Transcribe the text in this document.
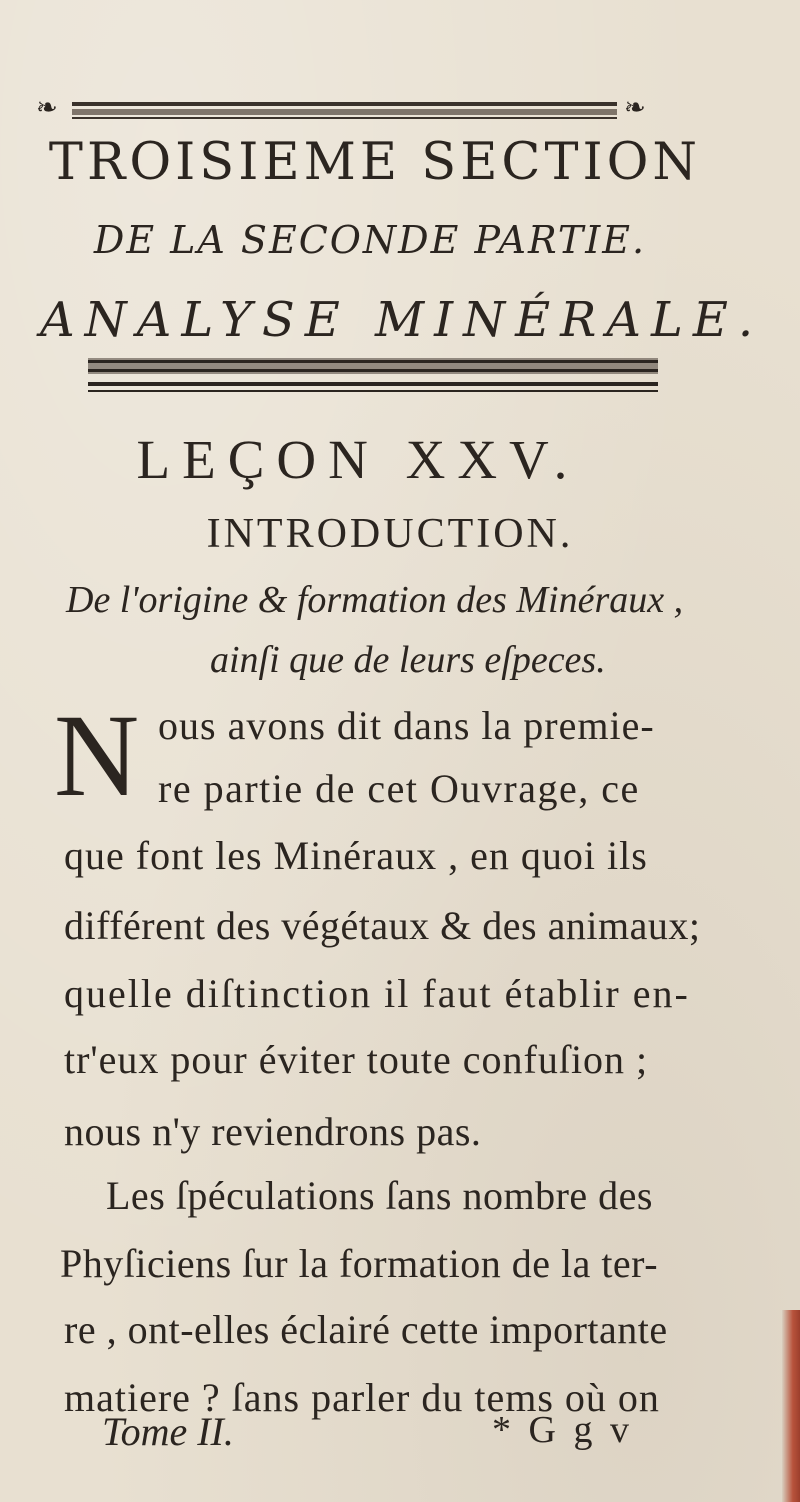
❧	❧
TROISIEME SECTION
DE LA SECONDE PARTIE.
ANALYSE MINÉRALE.
LEÇON XXV.
INTRODUCTION.
De l'origine & formation des Minéraux ,
ainſi que de leurs eſpeces.
N ous avons dit dans la premie-
re partie de cet Ouvrage, ce
que font les Minéraux , en quoi ils
différent des végétaux & des animaux;
quelle diſtinction il faut établir en-
tr'eux pour éviter toute confuſion ;
nous n'y reviendrons pas.
Les ſpéculations ſans nombre des
Phyſiciens ſur la formation de la ter-
re , ont-elles éclairé cette importante
matiere ? ſans parler du tems où on
Tome II.	* G g v
